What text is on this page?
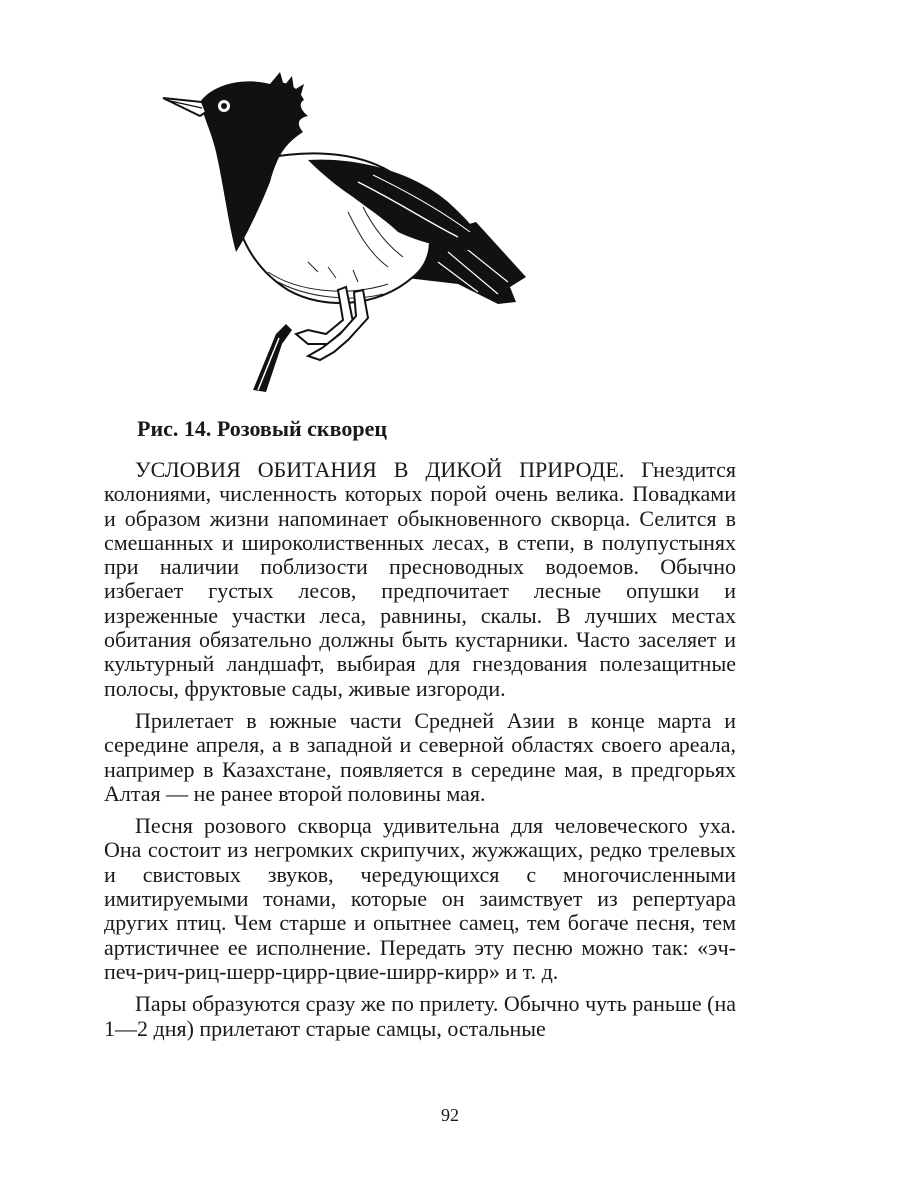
Рис. 14. Розовый скворец

УСЛОВИЯ ОБИТАНИЯ В ДИКОЙ ПРИРОДЕ. Гнездится колониями, численность которых порой очень велика. Повадками и образом жизни напоминает обыкновенного скворца. Селится в смешанных и широколиственных лесах, в степи, в полупустынях при наличии поблизости пресноводных водоемов. Обычно избегает густых лесов, предпочитает лесные опушки и изреженные участки леса, равнины, скалы. В лучших местах обитания обязательно должны быть кустарники. Часто заселяет и культурный ландшафт, выбирая для гнездования полезащитные полосы, фруктовые сады, живые изгороди.

Прилетает в южные части Средней Азии в конце марта и середине апреля, а в западной и северной областях своего ареала, например в Казахстане, появляется в середине мая, в предгорьях Алтая — не ранее второй половины мая.

Песня розового скворца удивительна для человеческого уха. Она состоит из негромких скрипучих, жужжащих, редко трелевых и свистовых звуков, чередующихся с многочисленными имитируемыми тонами, которые он заимствует из репертуара других птиц. Чем старше и опытнее самец, тем богаче песня, тем артистичнее ее исполнение. Передать эту песню можно так: «эч-печ-рич-риц-шерр-цирр-цвие-ширр-кирр» и т. д.

Пары образуются сразу же по прилету. Обычно чуть раньше (на 1—2 дня) прилетают старые самцы, остальные

92
